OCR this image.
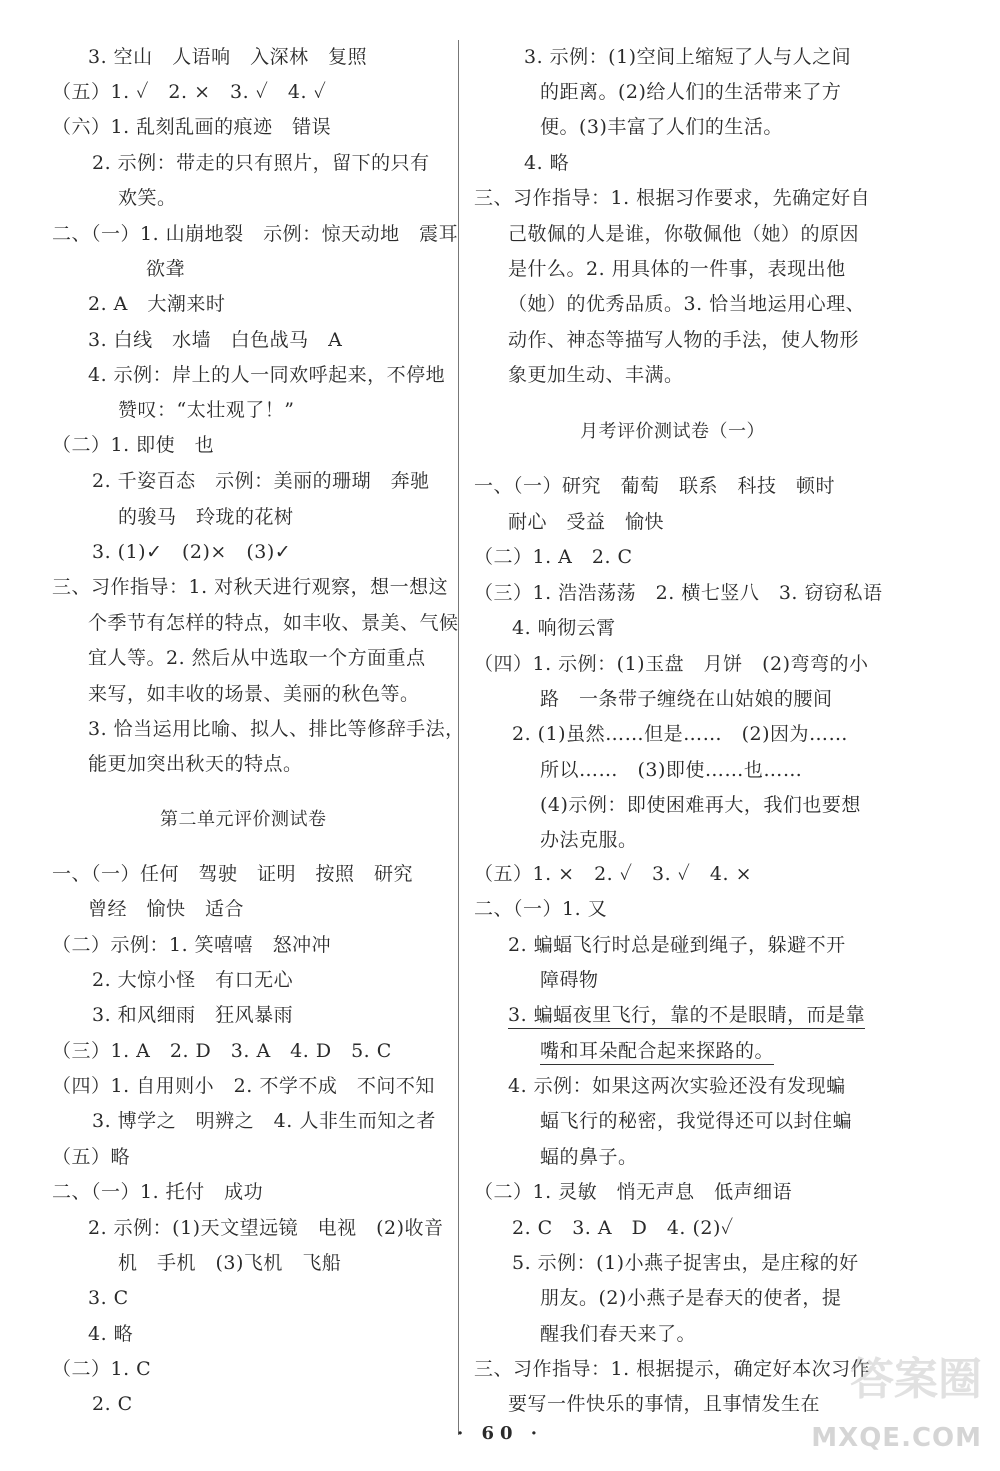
3. 空山　人语响　入深林　复照
（五）1. ✓　2. ×　3. ✓　4. ✓
（六）1. 乱刻乱画的痕迹　错误
2. 示例：带走的只有照片，留下的只有
欢笑。
二、（一）1. 山崩地裂　示例：惊天动地　震耳
欲聋
2. A　大潮来时
3. 白线　水墙　白色战马　A
4. 示例：岸上的人一同欢呼起来，不停地
赞叹：“太壮观了！”
（二）1. 即使　也
2. 千姿百态　示例：美丽的珊瑚　奔驰
的骏马　玲珑的花树
3. (1)✓　(2)×　(3)✓
三、习作指导：1. 对秋天进行观察，想一想这
个季节有怎样的特点，如丰收、景美、气候
宜人等。2. 然后从中选取一个方面重点
来写，如丰收的场景、美丽的秋色等。
3. 恰当运用比喻、拟人、排比等修辞手法，
能更加突出秋天的特点。
第二单元评价测试卷
一、（一）任何　驾驶　证明　按照　研究
曾经　愉快　适合
（二）示例：1. 笑嘻嘻　怒冲冲
2. 大惊小怪　有口无心
3. 和风细雨　狂风暴雨
（三）1. A　2. D　3. A　4. D　5. C
（四）1. 自用则小　2. 不学不成　不问不知
3. 博学之　明辨之　4. 人非生而知之者
（五）略
二、（一）1. 托付　成功
2. 示例：(1)天文望远镜　电视　(2)收音
机　手机　(3)飞机　飞船
3. C
4. 略
（二）1. C
2. C
3. 示例：(1)空间上缩短了人与人之间
的距离。(2)给人们的生活带来了方
便。(3)丰富了人们的生活。
4. 略
三、习作指导：1. 根据习作要求，先确定好自
己敬佩的人是谁，你敬佩他（她）的原因
是什么。2. 用具体的一件事，表现出他
（她）的优秀品质。3. 恰当地运用心理、
动作、神态等描写人物的手法，使人物形
象更加生动、丰满。
月考评价测试卷（一）
一、（一）研究　葡萄　联系　科技　顿时
耐心　受益　愉快
（二）1. A　2. C
（三）1. 浩浩荡荡　2. 横七竖八　3. 窃窃私语
4. 响彻云霄
（四）1. 示例：(1)玉盘　月饼　(2)弯弯的小
路　一条带子缠绕在山姑娘的腰间
2. (1)虽然……但是……　(2)因为……
所以……　(3)即使……也……
(4)示例：即使困难再大，我们也要想
办法克服。
（五）1. ×　2. ✓　3. ✓　4. ×
二、（一）1. 又
2. 蝙蝠飞行时总是碰到绳子，躲避不开
障碍物
3. 蝙蝠夜里飞行，靠的不是眼睛，而是靠
嘴和耳朵配合起来探路的。
4. 示例：如果这两次实验还没有发现蝙
蝠飞行的秘密，我觉得还可以封住蝙
蝠的鼻子。
（二）1. 灵敏　悄无声息　低声细语
2. C　3. A　D　4. (2)✓
5. 示例：(1)小燕子捉害虫，是庄稼的好
朋友。(2)小燕子是春天的使者，提
醒我们春天来了。
三、习作指导：1. 根据提示，确定好本次习作
要写一件快乐的事情，且事情发生在
· 60 ·
答案圈
MXQE.COM
